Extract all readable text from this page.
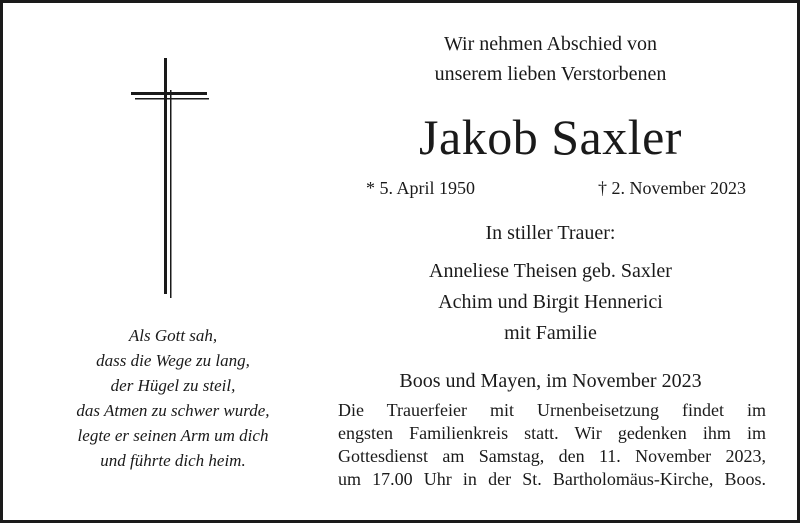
Als Gott sah,
dass die Wege zu lang,
der Hügel zu steil,
das Atmen zu schwer wurde,
legte er seinen Arm um dich
und führte dich heim.
Wir nehmen Abschied von
unserem lieben Verstorbenen
Jakob Saxler
* 5. April 1950	† 2. November 2023
In stiller Trauer:
Anneliese Theisen geb. Saxler
Achim und Birgit Hennerici
mit Familie
Boos und Mayen, im November 2023
Die Trauerfeier mit Urnenbeisetzung findet im
engsten Familienkreis statt. Wir gedenken ihm im
Gottesdienst am Samstag, den 11. November 2023,
um 17.00 Uhr in der St. Bartholomäus-Kirche, Boos.
